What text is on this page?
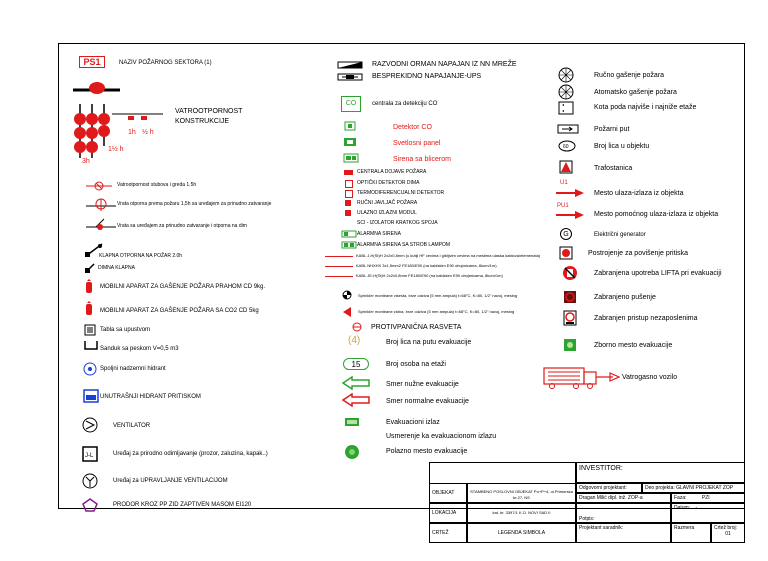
PS1	NAZIV POŽARNOG SEKTORA (1)
VATROOTPORNOST
KONSTRUKCIJE
1h ½ h
3h
1½ h
Vatrootpornost stubova i greda 1.5h
Vrata otporna prema požaru 1,5h sa uređajem za prinudno zatvaranje
Vrata sa uređajem za prinudno zatvaranje i otporna na dim
KLAPNA OTPORNA NA POŽAR 2.0h
DIMNA KLAPNA
MOBILNI APARAT ZA GAŠENJE POŽARA PRAHOM CD 9kg.
MOBILNI APARAT ZA GAŠENJE POŽARA SA CO2 CD 5kg
Tabla sa upustvom
Sanduk sa peskom V=0,5 m3
Spoljni nadzemni hidrant
UNUTRAŠNJI HIDRANT PRITISKOM
VENTILATOR
J-L	Uređaj za prirodno odimljavanje (prozor, zaluzina, kapak..)
Uređaj za UPRAVLJANJE VENTILACIJOM
PRODOR KROZ PP ZID ZAPTIVEN MASOM EI120
RAZVODNI ORMAN NAPAJAN IZ NN MREŽE
BESPREKIDNO NAPAJANJE-UPS
CO	centrala za detekciju CO
Detektor CO
Svetlosni panel
Sirena sa blicerom
CENTRALA DOJAVE POŽARA
OPTIČKI DETEKTOR DIMA
TERMODIFERENCIJALNI DETEKTOR
RUČNI JAVLJAČ POŽARA
ULAZNO IZLAZNI MODUL
SCI - IZOLATOR KRATKOG SPOJA
ALARMNA SIRENA
ALARMNA SIRENA SA STROB LAMPOM
KABL J-H(St)H 2x2x0,8mm (u kutiji HF cevima i gibljivim cevima na mestima ulaska kablova/elemenata)
KABL NHXHX 3x1,5mm2 FE180/E90 (na kablskim E90 obujmicama, 8kom/1m)
KABL JE-H(St)H 2x2x0,8mm FE180/E90 (na kablskim E90 obujmicama, 8kom/1m)
Sprinkler montirane visesta, brze odziva (5 mm ampula) t=68°C, K=80, 1/2" navoj, mesing
Sprinkler montirane zidna, brze odziva (5 mm ampula) t=68°C, K=80, 1/2" navoj, mesing
PROTIVPANIČNA RASVETA
(4)	Broj lica na putu evakuacije
15	Broj osoba na etaži
Smer nužne evakuacije
Smer normalne evakuacije
Evakuacioni izlaz
Usmerenje ka evakuacionom izlazu
Polazno mesto evakuacije
Ručno gašenje požara
Atomatsko gašenje požara
Kota poda najviše i najniže etaže
Požarni put
60	Broj lica u objektu
Trafostanica
U1
Mesto ulaza-izlaza iz objekta
PU1
Mesto pomoćnog ulaza-izlaza iz objekta
G	Električni generator
Postrojenje za povišenje pritiska
Zabranjena upotreba LIFTA pri evakuaciji
Zabranjeno pušenje
Zabranjen pristup nezaposlenima
Zborno mesto evakuacije
Vatrogasno vozilo
INVESTITOR:
OBJEKAT	STAMBENO POSLOVNI OBJEKAT Po+P+4, ul.Primorska br.27, NS
LOKACIJA	kat. br. 3397/1 K.O. NOVI SAD II
CRTEŽ	LEGENDA SIMBOLA
Odgovorni projektant:	Deo projekta: GLAVNI PROJEKAT ZOP
Dragan Milić dipl. inž. ZOP-a	Faza:	PZI
Potpis:
Datum: -
Projektant saradnik:	Razmera	Crtež broj:
01
